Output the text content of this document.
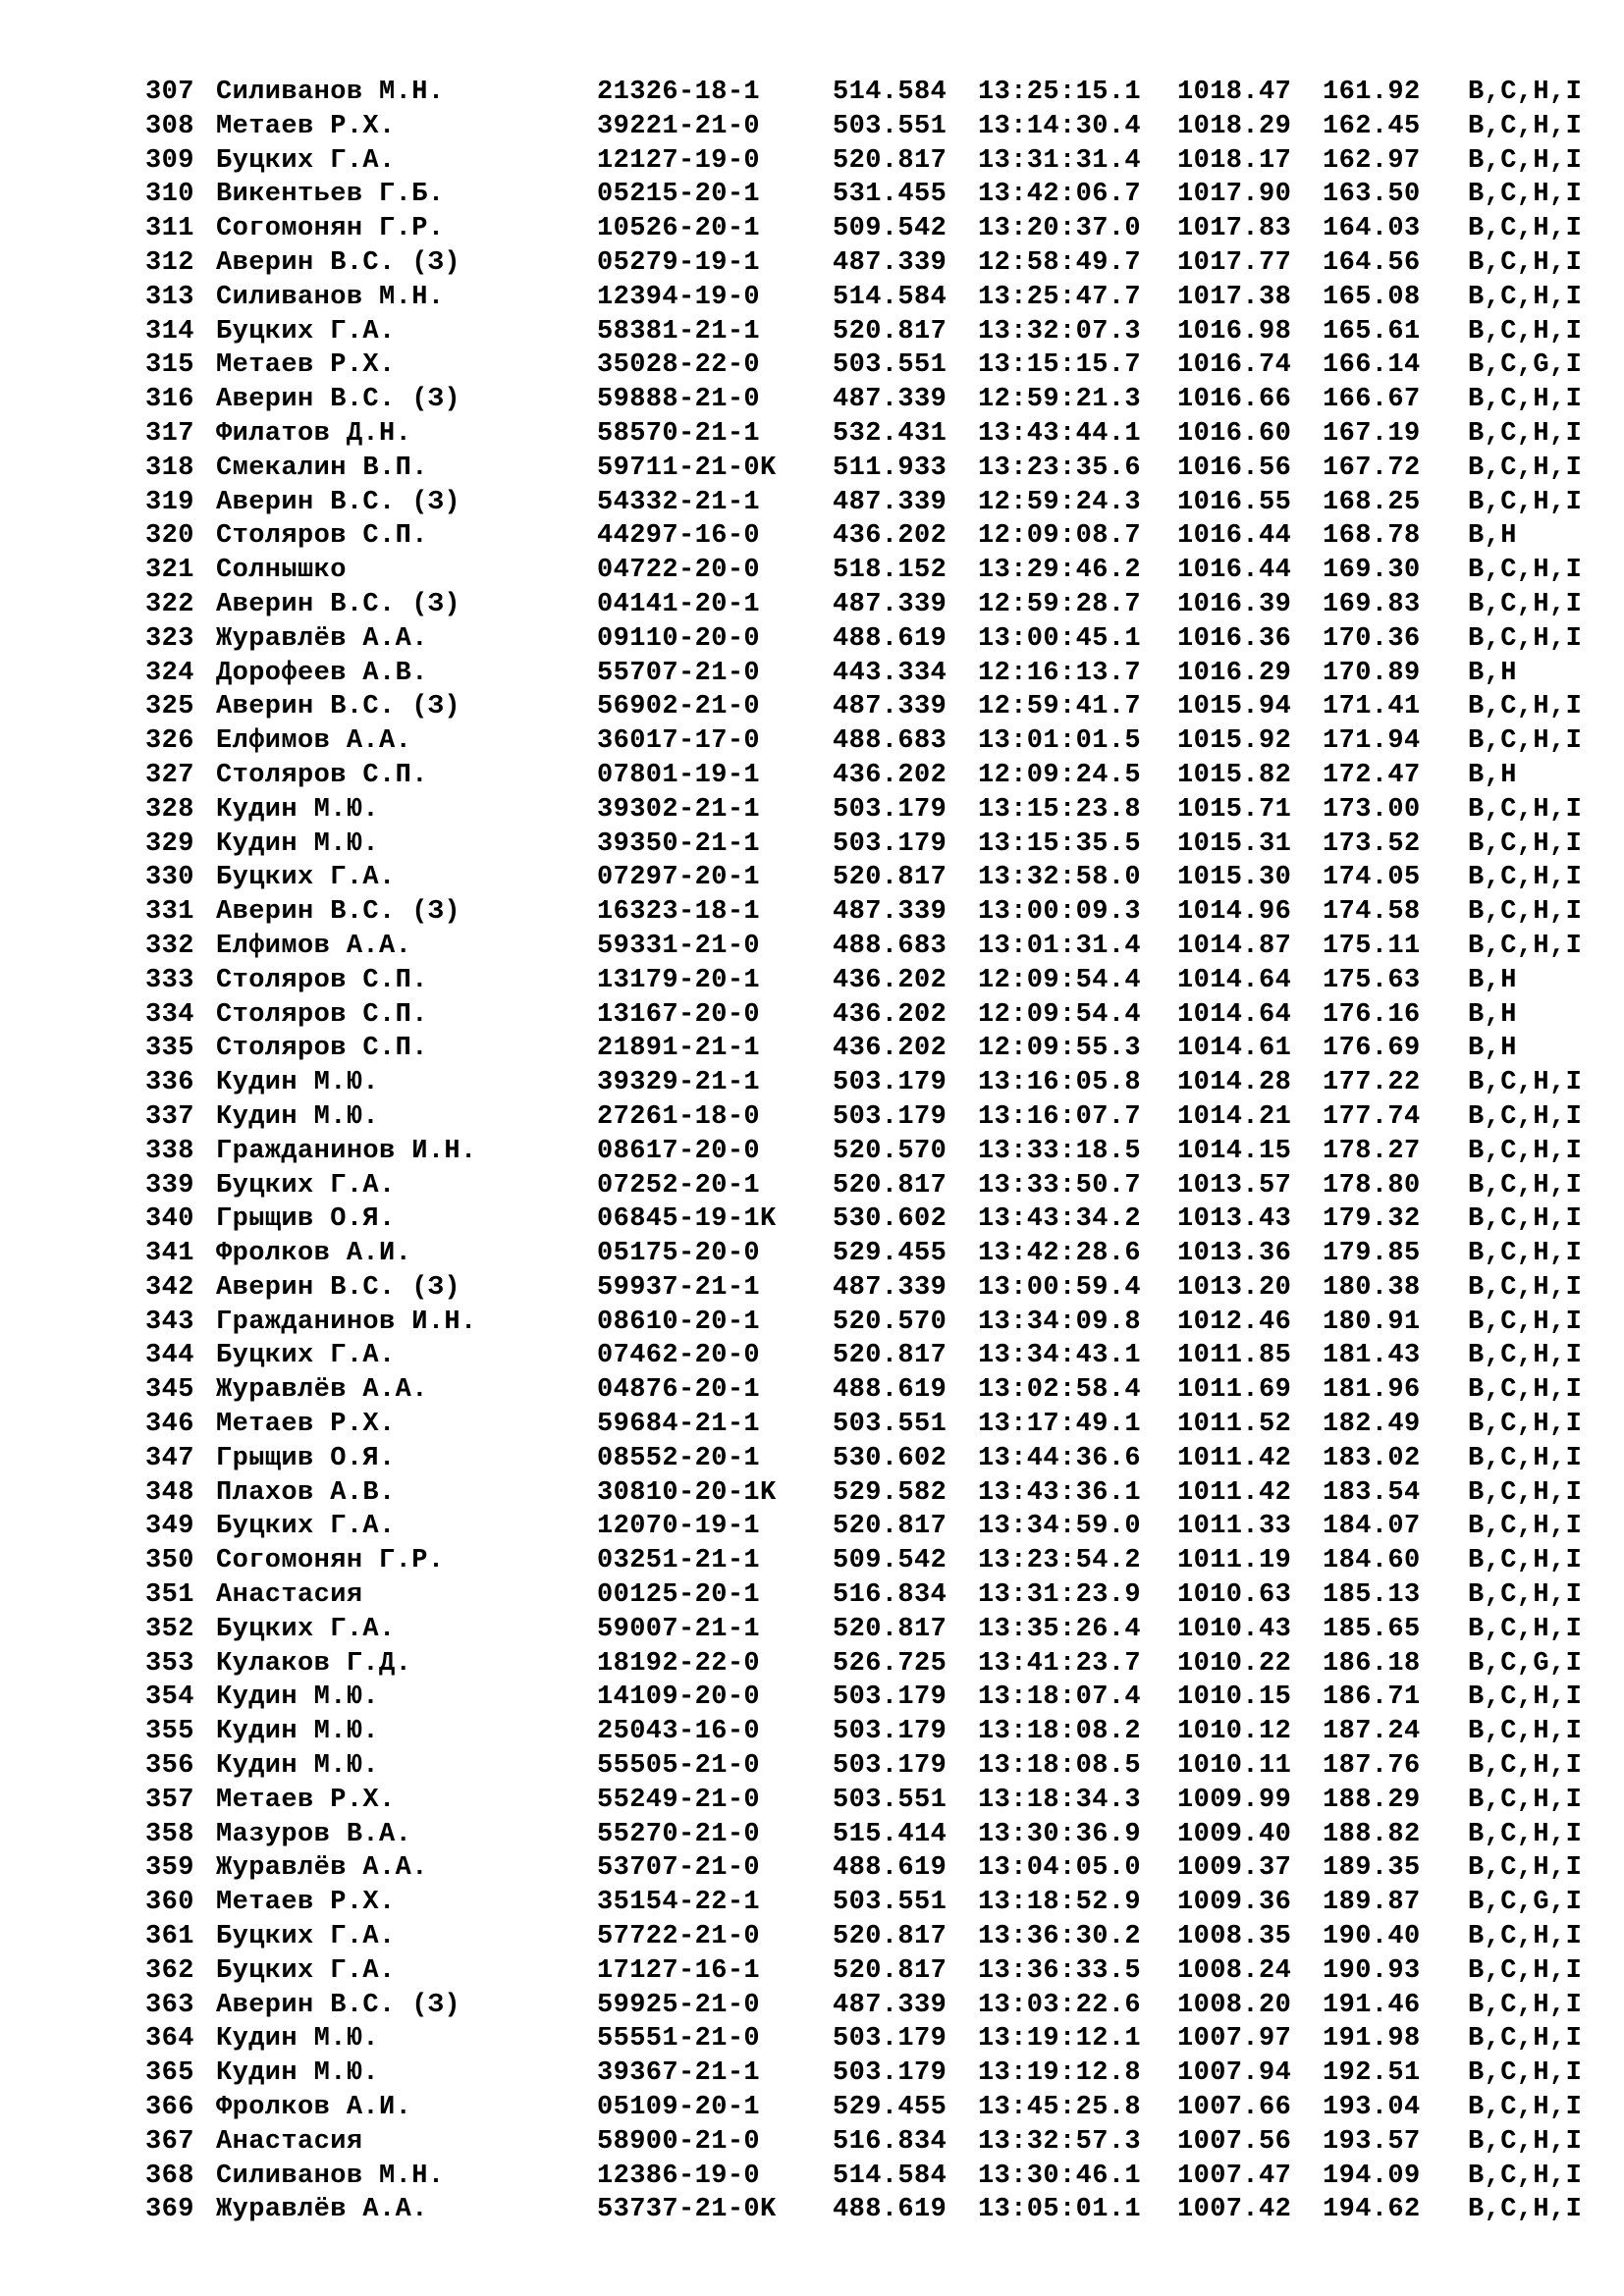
307 Силиванов М.Н.	21326-18-1	514.584 13:25:15.1 1018.47 161.92 B,C,H,I
308 Метаев Р.Х.	39221-21-0	503.551 13:14:30.4 1018.29 162.45 B,C,H,I
309 Буцких Г.А.	12127-19-0	520.817 13:31:31.4 1018.17 162.97 B,C,H,I
310 Викентьев Г.Б.	05215-20-1	531.455 13:42:06.7 1017.90 163.50 B,C,H,I
311 Согомонян Г.Р.	10526-20-1	509.542 13:20:37.0 1017.83 164.03 B,C,H,I
312 Аверин В.С. (З)	05279-19-1	487.339 12:58:49.7 1017.77 164.56 B,C,H,I
313 Силиванов М.Н.	12394-19-0	514.584 13:25:47.7 1017.38 165.08 B,C,H,I
314 Буцких Г.А.	58381-21-1	520.817 13:32:07.3 1016.98 165.61 B,C,H,I
315 Метаев Р.Х.	35028-22-0	503.551 13:15:15.7 1016.74 166.14 B,C,G,I
316 Аверин В.С. (З)	59888-21-0	487.339 12:59:21.3 1016.66 166.67 B,C,H,I
317 Филатов Д.Н.	58570-21-1	532.431 13:43:44.1 1016.60 167.19 B,C,H,I
318 Смекалин В.П.	59711-21-0K 511.933 13:23:35.6 1016.56 167.72 B,C,H,I
319 Аверин В.С. (З)	54332-21-1	487.339 12:59:24.3 1016.55 168.25 B,C,H,I
320 Столяров С.П.	44297-16-0	436.202 12:09:08.7 1016.44 168.78 B,H
321 Солнышко	04722-20-0	518.152 13:29:46.2 1016.44 169.30 B,C,H,I
322 Аверин В.С. (З)	04141-20-1	487.339 12:59:28.7 1016.39 169.83 B,C,H,I
323 Журавлёв А.А.	09110-20-0	488.619 13:00:45.1 1016.36 170.36 B,C,H,I
324 Дорофеев А.В.	55707-21-0	443.334 12:16:13.7 1016.29 170.89 B,H
325 Аверин В.С. (З)	56902-21-0	487.339 12:59:41.7 1015.94 171.41 B,C,H,I
326 Елфимов А.А.	36017-17-0	488.683 13:01:01.5 1015.92 171.94 B,C,H,I
327 Столяров С.П.	07801-19-1	436.202 12:09:24.5 1015.82 172.47 B,H
328 Кудин М.Ю.	39302-21-1	503.179 13:15:23.8 1015.71 173.00 B,C,H,I
329 Кудин М.Ю.	39350-21-1	503.179 13:15:35.5 1015.31 173.52 B,C,H,I
330 Буцких Г.А.	07297-20-1	520.817 13:32:58.0 1015.30 174.05 B,C,H,I
331 Аверин В.С. (З)	16323-18-1	487.339 13:00:09.3 1014.96 174.58 B,C,H,I
332 Елфимов А.А.	59331-21-0	488.683 13:01:31.4 1014.87 175.11 B,C,H,I
333 Столяров С.П.	13179-20-1	436.202 12:09:54.4 1014.64 175.63 B,H
334 Столяров С.П.	13167-20-0	436.202 12:09:54.4 1014.64 176.16 B,H
335 Столяров С.П.	21891-21-1	436.202 12:09:55.3 1014.61 176.69 B,H
336 Кудин М.Ю.	39329-21-1	503.179 13:16:05.8 1014.28 177.22 B,C,H,I
337 Кудин М.Ю.	27261-18-0	503.179 13:16:07.7 1014.21 177.74 B,C,H,I
338 Гражданинов И.Н.	08617-20-0	520.570 13:33:18.5 1014.15 178.27 B,C,H,I
339 Буцких Г.А.	07252-20-1	520.817 13:33:50.7 1013.57 178.80 B,C,H,I
340 Грыщив О.Я.	06845-19-1K 530.602 13:43:34.2 1013.43 179.32 B,C,H,I
341 Фролков А.И.	05175-20-0	529.455 13:42:28.6 1013.36 179.85 B,C,H,I
342 Аверин В.С. (З)	59937-21-1	487.339 13:00:59.4 1013.20 180.38 B,C,H,I
343 Гражданинов И.Н.	08610-20-1	520.570 13:34:09.8 1012.46 180.91 B,C,H,I
344 Буцких Г.А.	07462-20-0	520.817 13:34:43.1 1011.85 181.43 B,C,H,I
345 Журавлёв А.А.	04876-20-1	488.619 13:02:58.4 1011.69 181.96 B,C,H,I
346 Метаев Р.Х.	59684-21-1	503.551 13:17:49.1 1011.52 182.49 B,C,H,I
347 Грыщив О.Я.	08552-20-1	530.602 13:44:36.6 1011.42 183.02 B,C,H,I
348 Плахов А.В.	30810-20-1K 529.582 13:43:36.1 1011.42 183.54 B,C,H,I
349 Буцких Г.А.	12070-19-1	520.817 13:34:59.0 1011.33 184.07 B,C,H,I
350 Согомонян Г.Р.	03251-21-1	509.542 13:23:54.2 1011.19 184.60 B,C,H,I
351 Анастасия	00125-20-1	516.834 13:31:23.9 1010.63 185.13 B,C,H,I
352 Буцких Г.А.	59007-21-1	520.817 13:35:26.4 1010.43 185.65 B,C,H,I
353 Кулаков Г.Д.	18192-22-0	526.725 13:41:23.7 1010.22 186.18 B,C,G,I
354 Кудин М.Ю.	14109-20-0	503.179 13:18:07.4 1010.15 186.71 B,C,H,I
355 Кудин М.Ю.	25043-16-0	503.179 13:18:08.2 1010.12 187.24 B,C,H,I
356 Кудин М.Ю.	55505-21-0	503.179 13:18:08.5 1010.11 187.76 B,C,H,I
357 Метаев Р.Х.	55249-21-0	503.551 13:18:34.3 1009.99 188.29 B,C,H,I
358 Мазуров В.А.	55270-21-0	515.414 13:30:36.9 1009.40 188.82 B,C,H,I
359 Журавлёв А.А.	53707-21-0	488.619 13:04:05.0 1009.37 189.35 B,C,H,I
360 Метаев Р.Х.	35154-22-1	503.551 13:18:52.9 1009.36 189.87 B,C,G,I
361 Буцких Г.А.	57722-21-0	520.817 13:36:30.2 1008.35 190.40 B,C,H,I
362 Буцких Г.А.	17127-16-1	520.817 13:36:33.5 1008.24 190.93 B,C,H,I
363 Аверин В.С. (З)	59925-21-0	487.339 13:03:22.6 1008.20 191.46 B,C,H,I
364 Кудин М.Ю.	55551-21-0	503.179 13:19:12.1 1007.97 191.98 B,C,H,I
365 Кудин М.Ю.	39367-21-1	503.179 13:19:12.8 1007.94 192.51 B,C,H,I
366 Фролков А.И.	05109-20-1	529.455 13:45:25.8 1007.66 193.04 B,C,H,I
367 Анастасия	58900-21-0	516.834 13:32:57.3 1007.56 193.57 B,C,H,I
368 Силиванов М.Н.	12386-19-0	514.584 13:30:46.1 1007.47 194.09 B,C,H,I
369 Журавлёв А.А.	53737-21-0K 488.619 13:05:01.1 1007.42 194.62 B,C,H,I
